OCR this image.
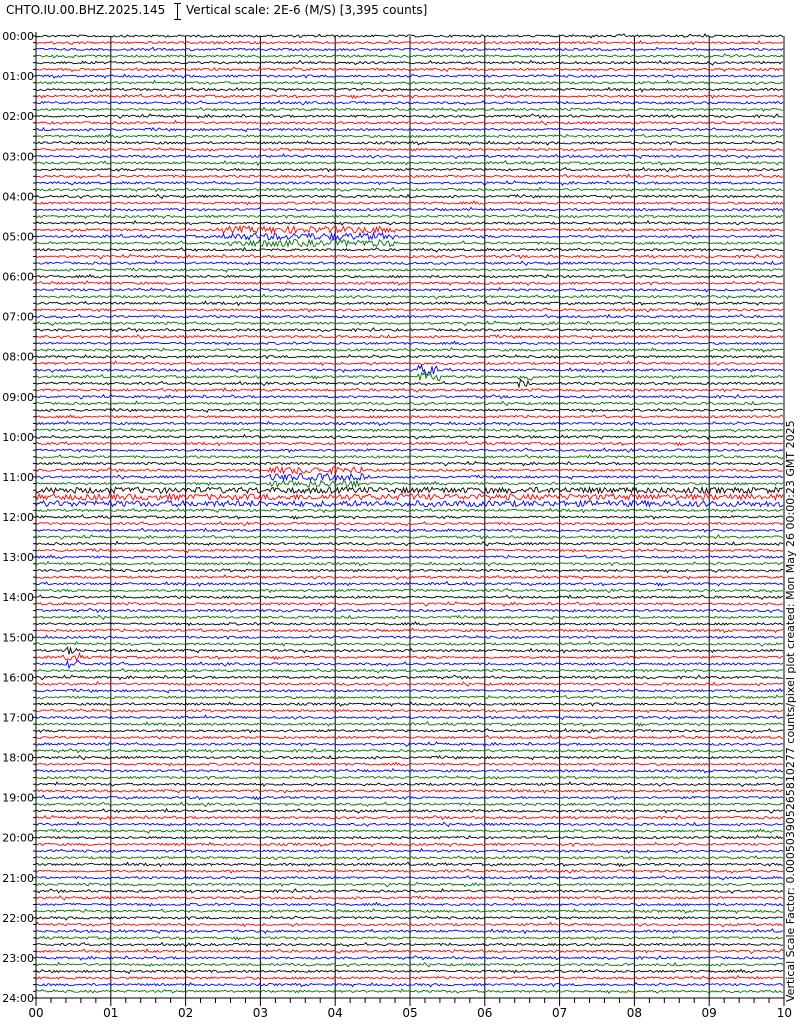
CHTO.IU.00.BHZ.2025.145 Vertical scale: 2E-6 (M/S) [3,395 counts]
Vertical Scale Factor: 0.000503905265810277 counts/pixel plot created: Mon May 26 00:00:23 GMT 2025
00:00
01:00
02:00
03:00
04:00
05:00
06:00
07:00
08:00
09:00
10:00
11:00
12:00
13:00
14:00
15:00
16:00
17:00
18:00
19:00
20:00
21:00
22:00
23:00
24:00
00	01	02	03	04	05	06	07	08	09	10
